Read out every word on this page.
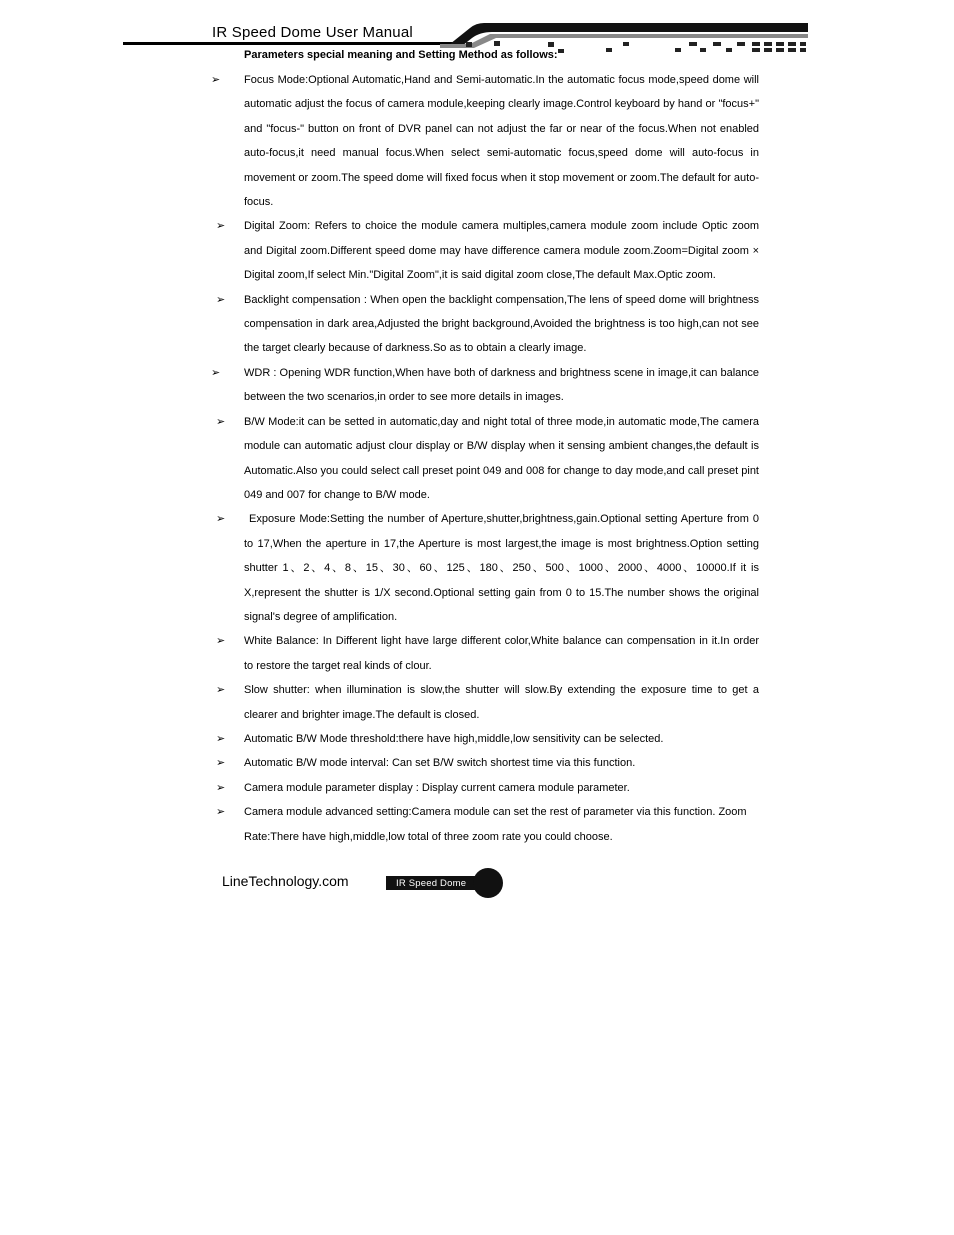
IR Speed Dome User Manual
Parameters special meaning and Setting Method as follows:
➢ Focus Mode:Optional Automatic,Hand and Semi-automatic.In the automatic focus mode,speed dome will automatic adjust the focus of camera module,keeping clearly image.Control keyboard by hand or "focus+" and "focus-" button on front of DVR panel can not adjust the far or near of the focus.When not enabled auto-focus,it need manual focus.When select semi-automatic focus,speed dome will auto-focus in movement or zoom.The speed dome will fixed focus when it stop movement or zoom.The default for auto-focus.
➢ Digital Zoom: Refers to choice the module camera multiples,camera module zoom include Optic zoom and Digital zoom.Different speed dome may have difference camera module zoom.Zoom=Digital zoom × Digital zoom,If select Min."Digital Zoom",it is said digital zoom close,The default Max.Optic zoom.
➢ Backlight compensation : When open the backlight compensation,The lens of speed dome will brightness compensation in dark area,Adjusted the bright background,Avoided the brightness is too high,can not see the target clearly because of darkness.So as to obtain a clearly image.
➢ WDR : Opening WDR function,When have both of darkness and brightness scene in image,it can balance between the two scenarios,in order to see more details in images.
➢ B/W Mode:it can be setted in automatic,day and night total of three mode,in automatic mode,The camera module can automatic adjust clour display or B/W display when it sensing ambient changes,the default is Automatic.Also you could select call preset point 049 and 008 for change to day mode,and call preset pint 049 and 007 for change to B/W mode.
➢	Exposure Mode:Setting the number of Aperture,shutter,brightness,gain.Optional setting Aperture from 0 to 17,When the aperture in 17,the Aperture is most largest,the image is most brightness.Option setting shutter 1、2、4、8、15、30、60、125、180、250、500、1000、2000、4000、10000.If it is X,represent the shutter is 1/X second.Optional setting gain from 0 to 15.The number shows the original signal's degree of amplification.
➢ White Balance: In Different light have large different color,White balance can compensation in it.In order to restore the target real kinds of clour.
➢ Slow shutter: when illumination is slow,the shutter will slow.By extending the exposure time to get a clearer and brighter image.The default is closed.
➢ Automatic B/W Mode threshold:there have high,middle,low sensitivity can be selected.
➢ Automatic B/W mode interval: Can set B/W switch shortest time via this function.
➢ Camera module parameter display : Display current camera module parameter.
➢ Camera module advanced setting:Camera module can set the rest of parameter via this function. Zoom Rate:There have high,middle,low total of three zoom rate you could choose.
LineTechnology.com	IR Speed Dome
